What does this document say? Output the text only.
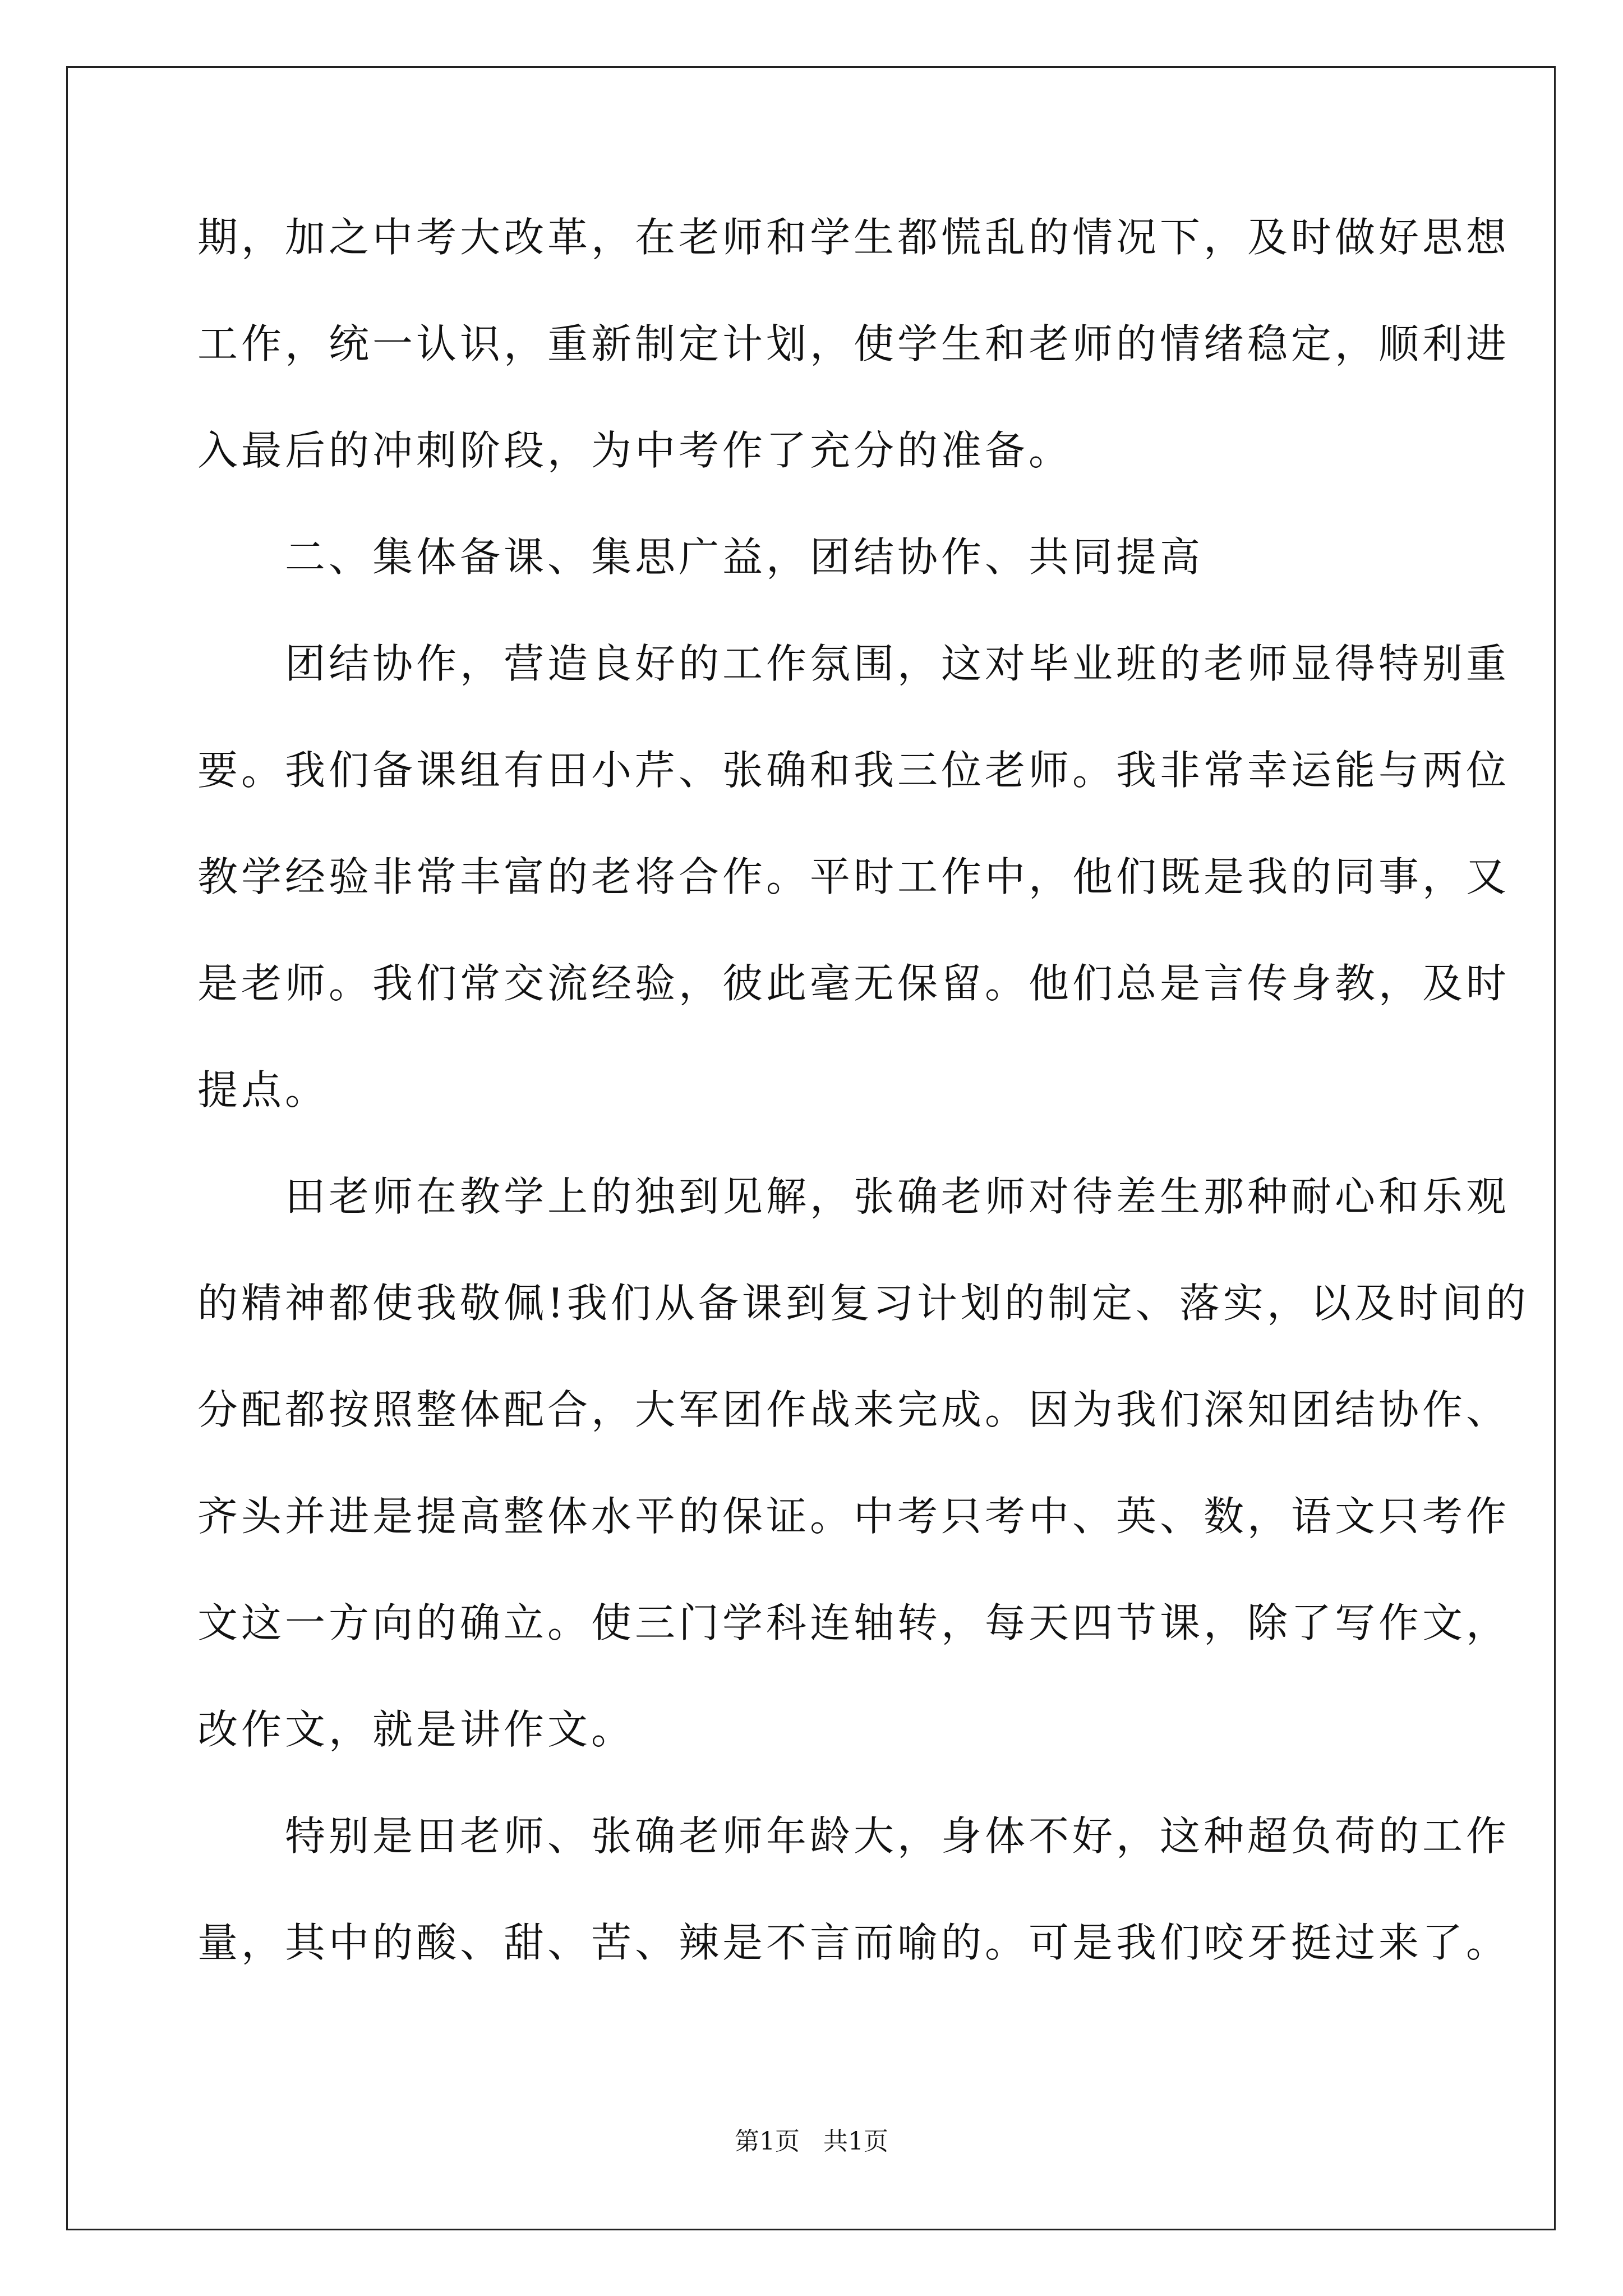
期，加之中考大改革，在老师和学生都慌乱的情况下，及时做好思想

工作，统一认识，重新制定计划，使学生和老师的情绪稳定，顺利进

入最后的冲刺阶段，为中考作了充分的准备。

　　二、集体备课、集思广益，团结协作、共同提高

　　团结协作，营造良好的工作氛围，这对毕业班的老师显得特别重

要。我们备课组有田小芹、张确和我三位老师。我非常幸运能与两位

教学经验非常丰富的老将合作。平时工作中，他们既是我的同事，又

是老师。我们常交流经验，彼此毫无保留。他们总是言传身教，及时

提点。

　　田老师在教学上的独到见解，张确老师对待差生那种耐心和乐观

的精神都使我敬佩!我们从备课到复习计划的制定、落实，以及时间的

分配都按照整体配合，大军团作战来完成。因为我们深知团结协作、

齐头并进是提高整体水平的保证。中考只考中、英、数，语文只考作

文这一方向的确立。使三门学科连轴转，每天四节课，除了写作文，

改作文，就是讲作文。

　　特别是田老师、张确老师年龄大，身体不好，这种超负荷的工作

量，其中的酸、甜、苦、辣是不言而喻的。可是我们咬牙挺过来了。

第1页 共1页
